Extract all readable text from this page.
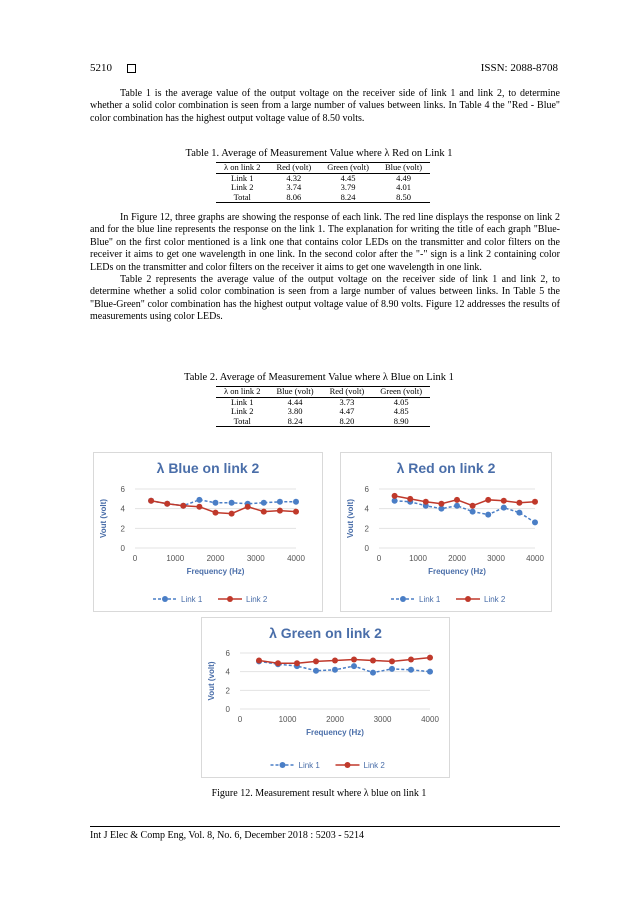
5210	ISSN: 2088-8708

Table 1 is the average value of the output voltage on the receiver side of link 1 and link 2, to determine whether a solid color combination is seen from a large number of values between links. In Table 4 the "Red - Blue" color combination has the highest output voltage value of 8.50 volts.

Table 1. Average of Measurement Value where λ Red on Link 1
λ on link 2	Red (volt)	Green (volt)	Blue (volt)
Link 1	4.32	4.45	4.49
Link 2	3.74	3.79	4.01
Total	8.06	8.24	8.50

In Figure 12, three graphs are showing the response of each link. The red line displays the response on link 2 and for the blue line represents the response on the link 1. The explanation for writing the title of each graph "Blue-Blue" on the first color mentioned is a link one that contains color LEDs on the transmitter and color filters on the receiver it aims to get one wavelength in one link. In the second color after the "-" sign is a link 2 containing color LEDs on the transmitter and color filters on the receiver it aims to get one wavelength in one link.

Table 2 represents the average value of the output voltage on the receiver side of link 1 and link 2, to determine whether a solid color combination is seen from a large number of values between links. In Table 5 the "Blue-Green" color combination has the highest output voltage value of 8.90 volts. Figure 12 addresses the results of measurements using color LEDs.

Table 2. Average of Measurement Value where λ Blue on Link 1
λ on link 2	Blue (volt)	Red (volt)	Green (volt)
Link 1	4.44	3.73	4.05
Link 2	3.80	4.47	4.85
Total	8.24	8.20	8.90
λ Blue on link 2
0
2
4
6
0	1000	2000	3000	4000
Frequency (Hz)
Vout (volt)
Link 1	Link 2
λ Red on link 2
0
2
4
6
0	1000	2000	3000	4000
Frequency (Hz)
Vout (volt)
Link 1	Link 2
λ Green on link 2
0
2
4
6
0	1000	2000	3000	4000
Frequency (Hz)
Vout (volt)
Link 1	Link 2
Figure 12. Measurement result where λ blue on link 1
Int J Elec & Comp Eng, Vol. 8, No. 6, December 2018 : 5203 - 5214
